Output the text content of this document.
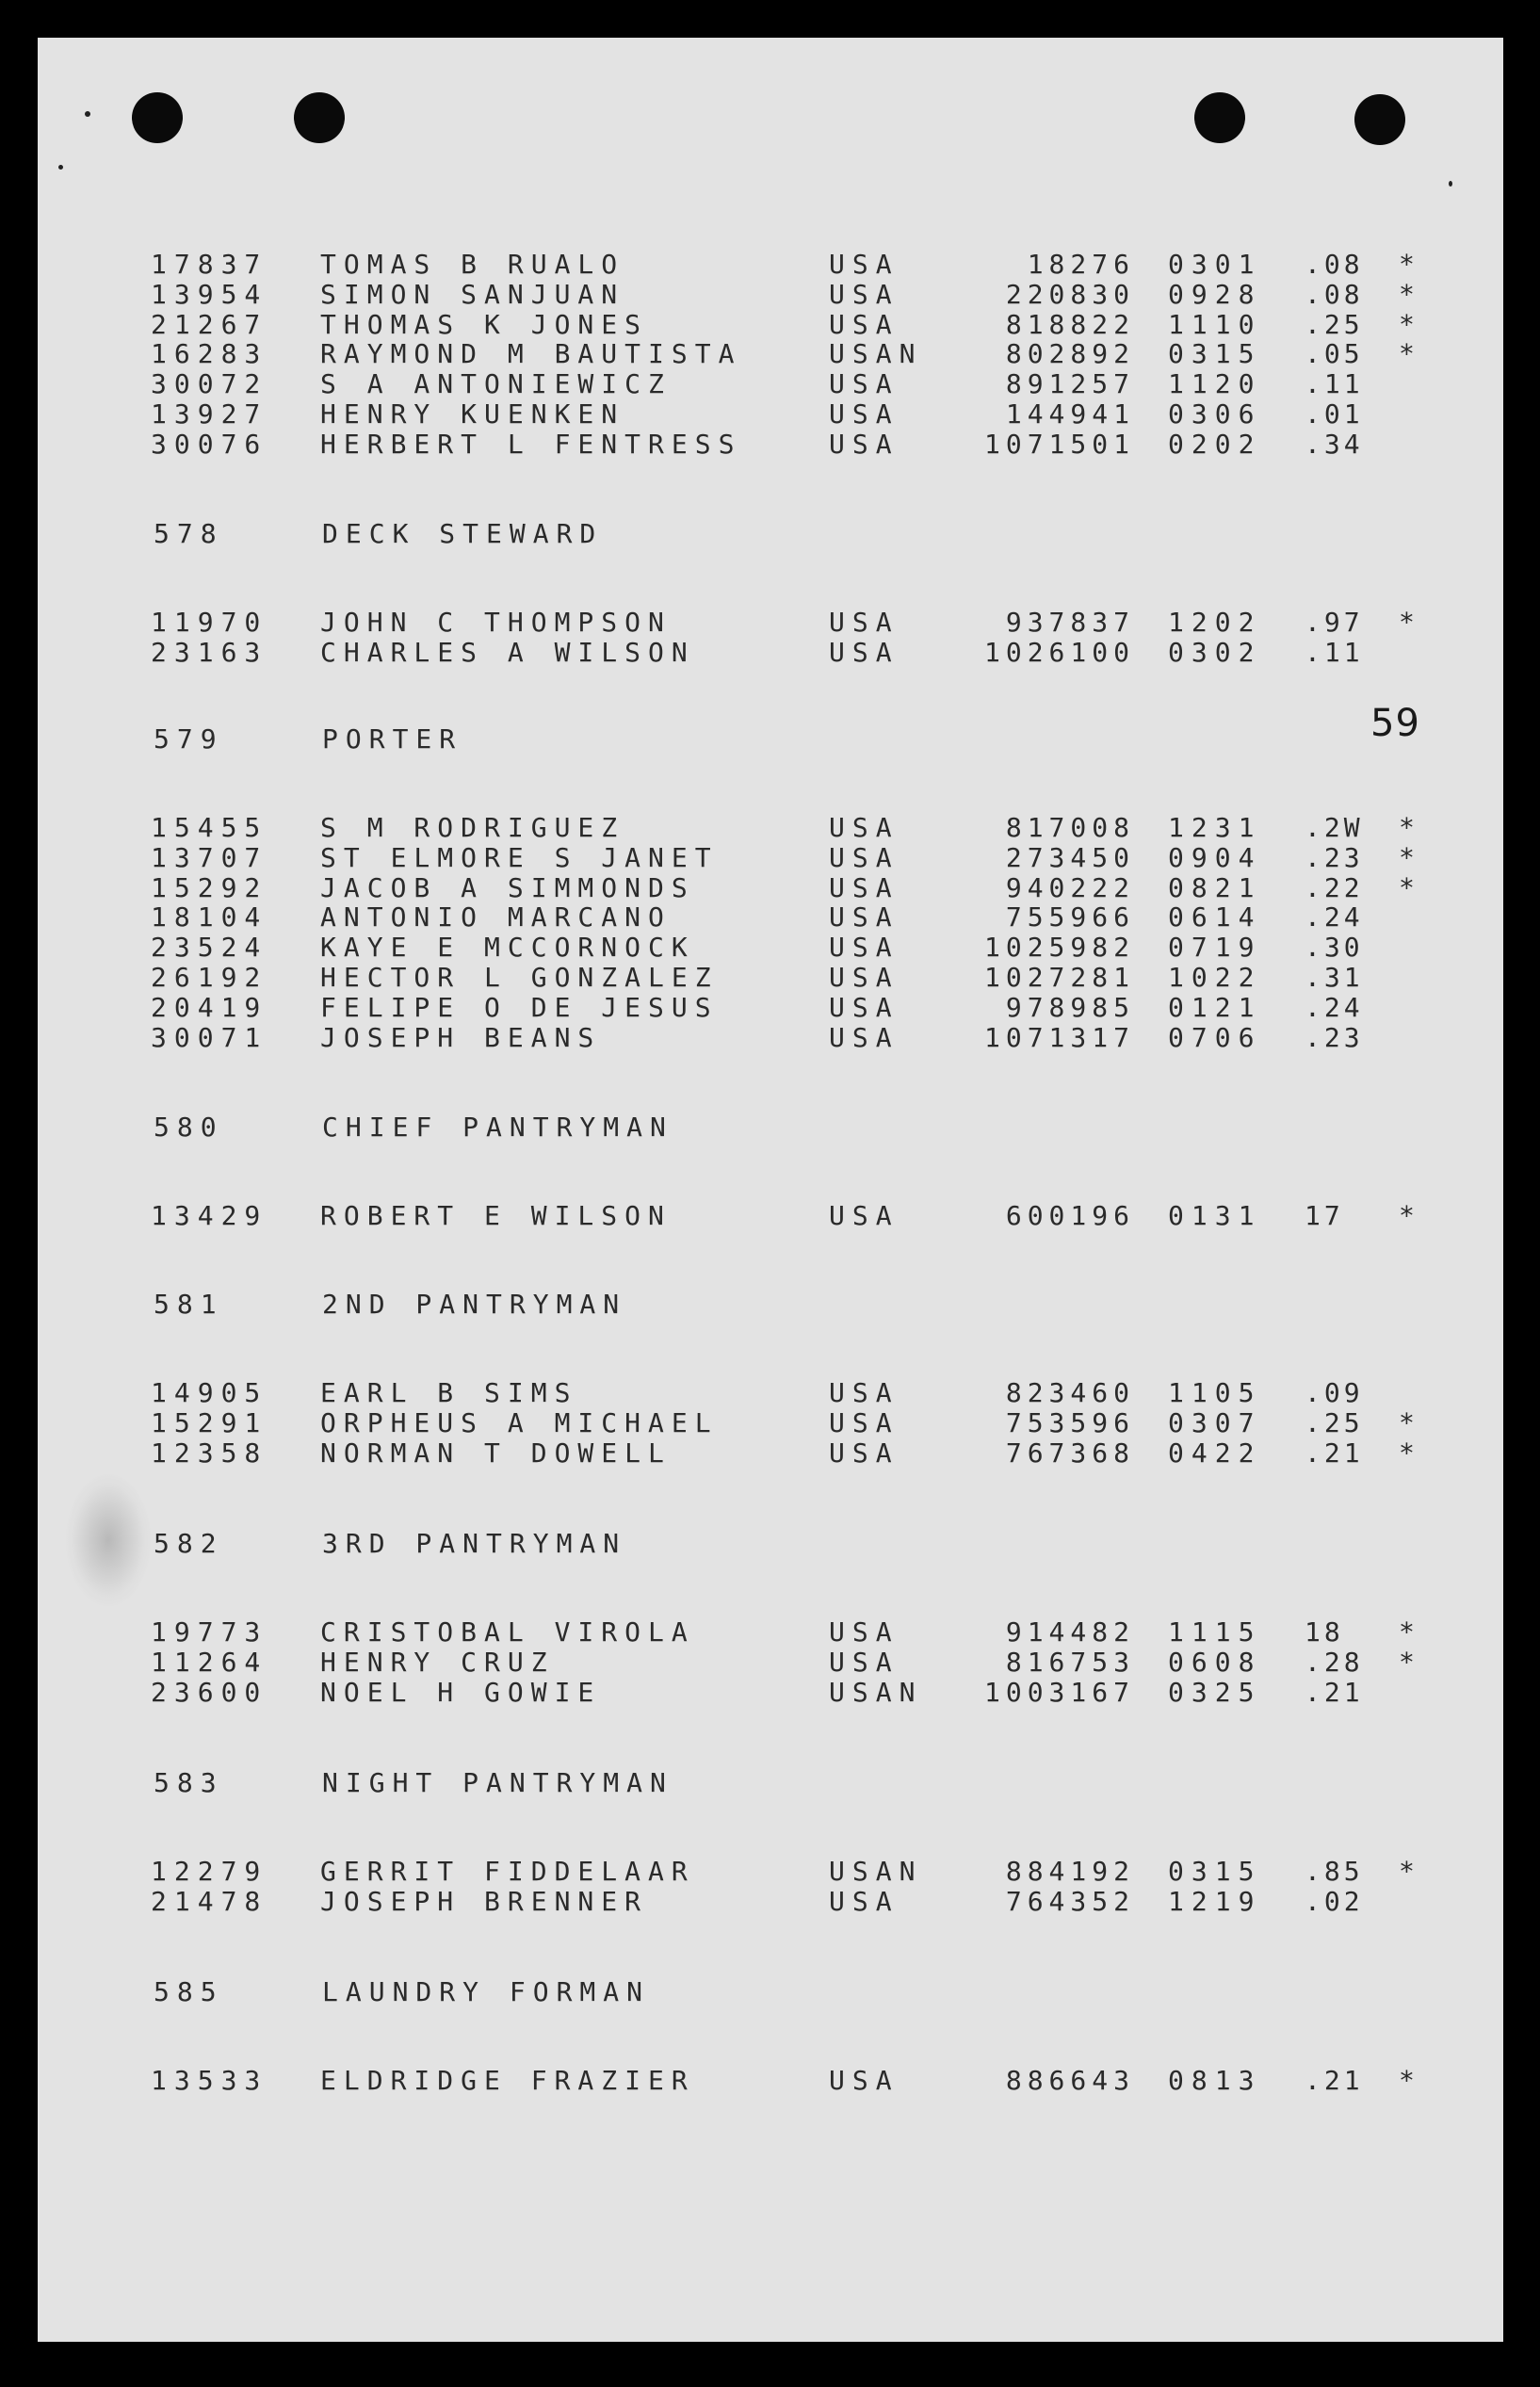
59
17837 TOMAS B RUALO	USA	18276 0301 .08 *
13954 SIMON SANJUAN	USA	220830 0928 .08 *
21267 THOMAS K JONES	USA	818822 1110 .25 *
16283 RAYMOND M BAUTISTA	USAN	802892 0315 .05 *
30072 S A ANTONIEWICZ	USA	891257 1120 .11
13927 HENRY KUENKEN	USA	144941 0306 .01
30076 HERBERT L FENTRESS	USA	1071501 0202 .34
578	DECK STEWARD
11970 JOHN C THOMPSON	USA	937837 1202 .97 *
23163 CHARLES A WILSON	USA	1026100 0302 .11
579	PORTER
15455 S M RODRIGUEZ	USA	817008 1231 .2W *
13707 ST ELMORE S JANET	USA	273450 0904 .23 *
15292 JACOB A SIMMONDS	USA	940222 0821 .22 *
18104 ANTONIO MARCANO	USA	755966 0614 .24
23524 KAYE E MCCORNOCK	USA	1025982 0719 .30
26192 HECTOR L GONZALEZ	USA	1027281 1022 .31
20419 FELIPE O DE JESUS	USA	978985 0121 .24
30071 JOSEPH BEANS	USA	1071317 0706 .23
580	CHIEF PANTRYMAN
13429 ROBERT E WILSON	USA	600196 0131 17 *
581	2ND PANTRYMAN
14905 EARL B SIMS	USA	823460 1105 .09
15291 ORPHEUS A MICHAEL	USA	753596 0307 .25 *
12358 NORMAN T DOWELL	USA	767368 0422 .21 *
582	3RD PANTRYMAN
19773 CRISTOBAL VIROLA	USA	914482 1115 18 *
11264 HENRY CRUZ	USA	816753 0608 .28 *
23600 NOEL H GOWIE	USAN 1003167 0325 .21
583	NIGHT PANTRYMAN
12279 GERRIT FIDDELAAR	USAN	884192 0315 .85 *
21478 JOSEPH BRENNER	USA	764352 1219 .02
585	LAUNDRY FORMAN
13533 ELDRIDGE FRAZIER	USA	886643 0813 .21 *
